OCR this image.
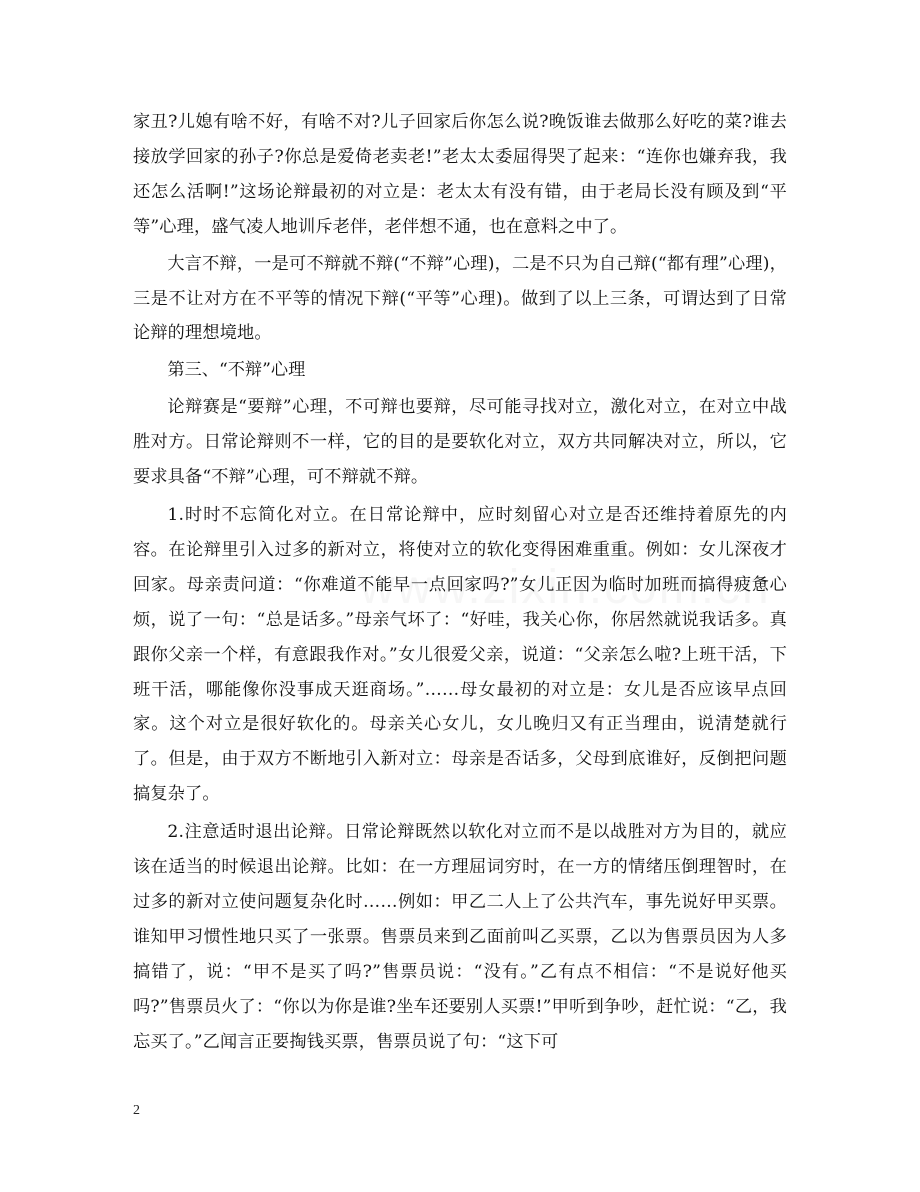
家丑?儿媳有啥不好，有啥不对?儿子回家后你怎么说?晚饭谁去做那么好吃的菜?谁去接放学回家的孙子?你总是爱倚老卖老!”老太太委屈得哭了起来：“连你也嫌弃我，我还怎么活啊!”这场论辩最初的对立是：老太太有没有错，由于老局长没有顾及到“平等”心理，盛气凌人地训斥老伴，老伴想不通，也在意料之中了。

大言不辩，一是可不辩就不辩(“不辩”心理)，二是不只为自己辩(“都有理”心理)，三是不让对方在不平等的情况下辩(“平等”心理)。做到了以上三条，可谓达到了日常论辩的理想境地。

第三、“不辩”心理

论辩赛是“要辩”心理，不可辩也要辩，尽可能寻找对立，激化对立，在对立中战胜对方。日常论辩则不一样，它的目的是要软化对立，双方共同解决对立，所以，它要求具备“不辩”心理，可不辩就不辩。

1.时时不忘简化对立。在日常论辩中，应时刻留心对立是否还维持着原先的内容。在论辩里引入过多的新对立，将使对立的软化变得困难重重。例如：女儿深夜才回家。母亲责问道：“你难道不能早一点回家吗?”女儿正因为临时加班而搞得疲惫心烦，说了一句：“总是话多。”母亲气坏了：“好哇，我关心你，你居然就说我话多。真跟你父亲一个样，有意跟我作对。”女儿很爱父亲，说道：“父亲怎么啦?上班干活，下班干活，哪能像你没事成天逛商场。”……母女最初的对立是：女儿是否应该早点回家。这个对立是很好软化的。母亲关心女儿，女儿晚归又有正当理由，说清楚就行了。但是，由于双方不断地引入新对立：母亲是否话多，父母到底谁好，反倒把问题搞复杂了。

2.注意适时退出论辩。日常论辩既然以软化对立而不是以战胜对方为目的，就应该在适当的时候退出论辩。比如：在一方理屈词穷时，在一方的情绪压倒理智时，在过多的新对立使问题复杂化时……例如：甲乙二人上了公共汽车，事先说好甲买票。谁知甲习惯性地只买了一张票。售票员来到乙面前叫乙买票，乙以为售票员因为人多搞错了，说：“甲不是买了吗?”售票员说：“没有。”乙有点不相信：“不是说好他买吗?”售票员火了：“你以为你是谁?坐车还要别人买票!”甲听到争吵，赶忙说：“乙，我忘买了。”乙闻言正要掏钱买票，售票员说了句：“这下可

2
